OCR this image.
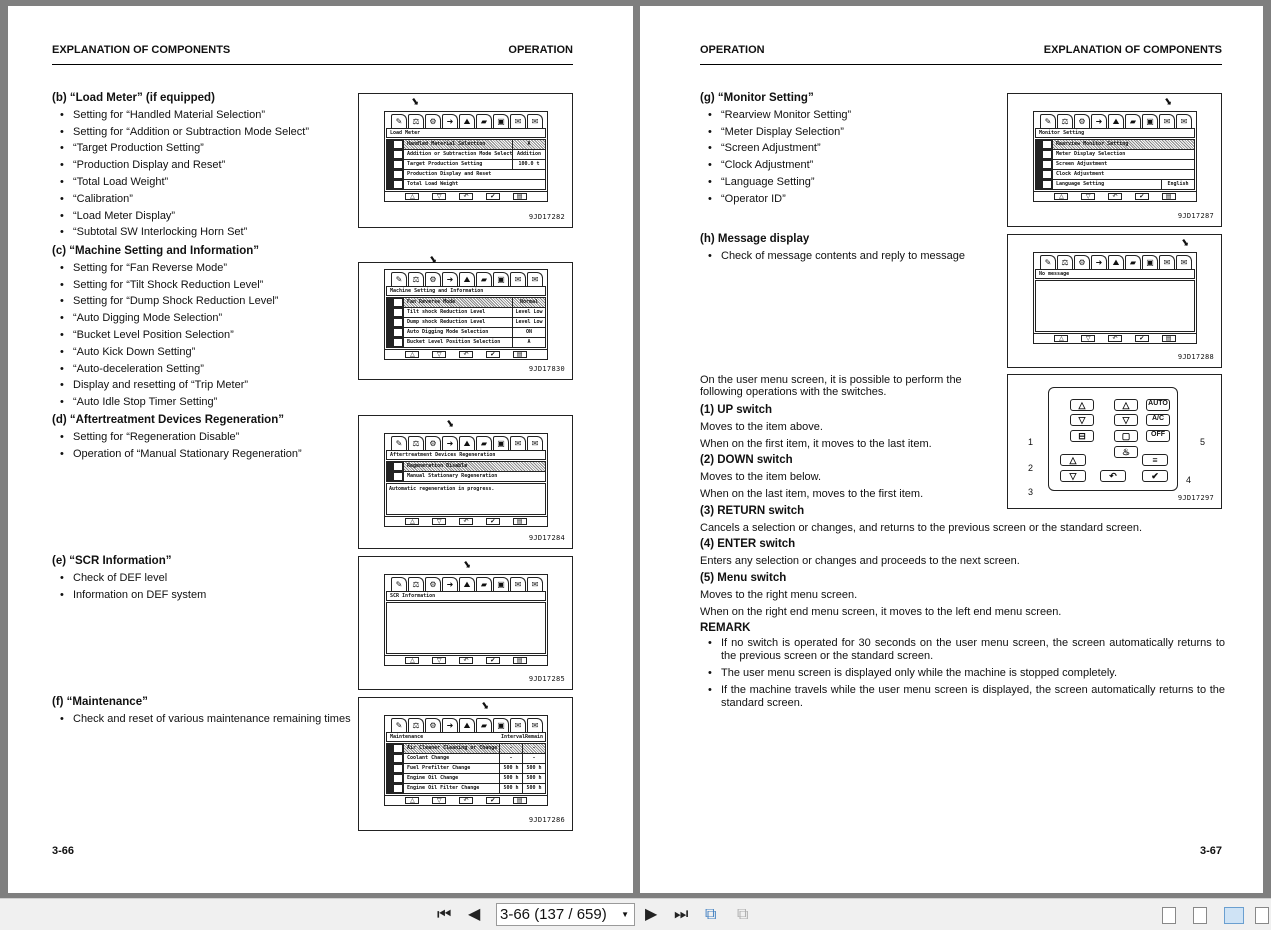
EXPLANATION OF COMPONENTS	OPERATION
(b) “Load Meter” (if equipped)
• Setting for “Handled Material Selection”
• Setting for “Addition or Subtraction Mode Select”
• “Target Production Setting”
• “Production Display and Reset”
• “Total Load Weight”
• “Calibration”
• “Load Meter Display”
• “Subtotal SW Interlocking Horn Set”
(c) “Machine Setting and Information”
• Setting for “Fan Reverse Mode”
• Setting for “Tilt Shock Reduction Level”
• Setting for “Dump Shock Reduction Level”
• “Auto Digging Mode Selection”
• “Bucket Level Position Selection”
• “Auto Kick Down Setting”
• “Auto-deceleration Setting”
• Display and resetting of “Trip Meter”
• “Auto Idle Stop Timer Setting”
(d) “Aftertreatment Devices Regeneration”
• Setting for “Regeneration Disable”
• Operation of “Manual Stationary Regeneration”
(e) “SCR Information”
• Check of DEF level
• Information on DEF system
(f) “Maintenance”
• Check and reset of various maintenance remaining times
3-66
OPERATION	EXPLANATION OF COMPONENTS
(g) “Monitor Setting”
• “Rearview Monitor Setting”
• “Meter Display Selection”
• “Screen Adjustment”
• “Clock Adjustment”
• “Language Setting”
• “Operator ID”
(h) Message display
• Check of message contents and reply to message

On the user menu screen, it is possible to perform the following operations with the switches.

(1) UP switch

Moves to the item above.

When on the first item, it moves to the last item.

(2) DOWN switch

Moves to the item below.

When on the last item, moves to the first item.

(3) RETURN switch

Cancels a selection or changes, and returns to the previous screen or the standard screen.

(4) ENTER switch

Enters any selection or changes and proceeds to the next screen.

(5) Menu switch

Moves to the right menu screen.

When on the right end menu screen, it moves to the left end menu screen.

REMARK
• If no switch is operated for 30 seconds on the user menu screen, the screen automatically returns to the previous screen or the standard screen.
• The user menu screen is displayed only while the machine is stopped completely.
• If the machine travels while the user menu screen is displayed, the screen automatically returns to the standard screen.
3-67
✎	⚖	⚙	➜	⛰	▰	▣	✉	✉
⬇
Load Meter
Handled Material Selection	A
Addition or Subtraction Mode Select Addition
Target Production Setting	100.0 t
Production Display and Reset
Total Load Weight
△	▽	↶	✔	▤
9JD17282
✎	⚖	⚙	➜	⛰	▰	▣	✉	✉
⬇
Machine Setting and Information
Fan Reverse Mode	Normal
Tilt shock Reduction Level	Level Low
Dump shock Reduction Level	Level Low
Auto Digging Mode Selection	ON
Bucket Level Position Selection	A
△	▽	↶	✔	▤
9JD17830
✎	⚖	⚙	➜	⛰	▰	▣	✉	✉
⬇
Aftertreatment Devices Regeneration
Regeneration Disable
Manual Stationary Regeneration
Automatic regeneration in progress.
△	▽	↶	✔	▤
9JD17284
✎	⚖	⚙	➜	⛰	▰	▣	✉	✉
⬇
SCR Information
△	▽	↶	✔	▤
9JD17285
✎	⚖	⚙	➜	⛰	▰	▣	✉	✉
⬇
Maintenance	Interval Remain
Air Cleaner Cleaning or Change	-	-
Coolant Change	-	-
Fuel Prefilter Change	500 h	500 h
Engine Oil Change	500 h	500 h
Engine Oil Filter Change	500 h	500 h
△	▽	↶	✔	▤
9JD17286
✎	⚖	⚙	➜	⛰	▰	▣	✉	✉
⬇
Monitor Setting
Rearview Monitor Setting
Meter Display Selection
Screen Adjustment
Clock Adjustment
Language Setting	English
△	▽	↶	✔	▤
9JD17287
✎	⚖	⚙	➜	⛰	▰	▣	✉	✉
⬇
No message
△	▽	↶	✔	▤
9JD17288
△
▽
⊟
△
▽
▢
♨
AUTO
A/C
OFF
△
▽	↶
≡
✔
1
2
3
4
5
9JD17297
⏮ ◀ 3-66 (137 / 659) ▼ ▶ ⏭ ⧉ ⧉
